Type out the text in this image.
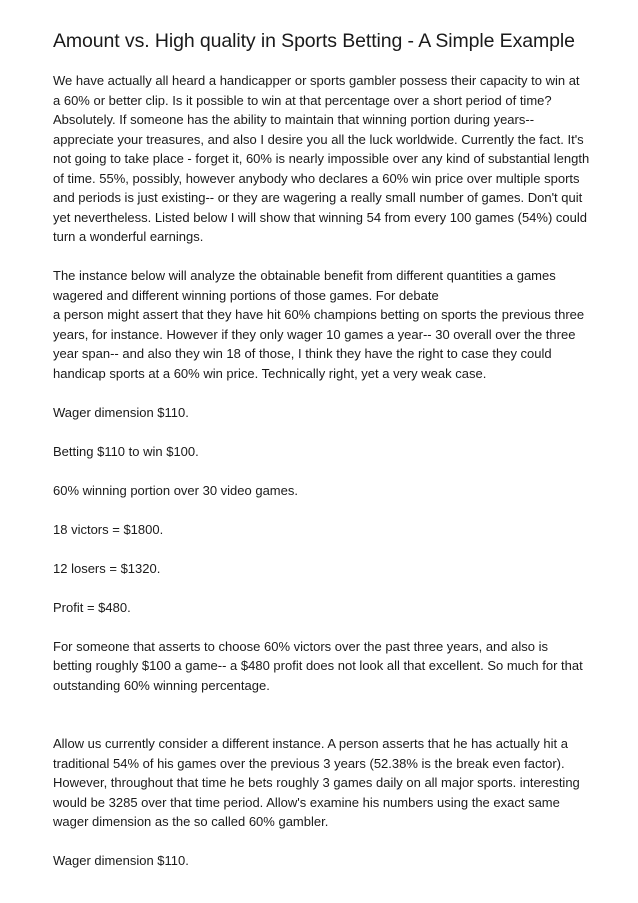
Amount vs. High quality in Sports Betting - A Simple Example

We have actually all heard a handicapper or sports gambler possess their capacity to win at
a 60% or better clip. Is it possible to win at that percentage over a short period of time?
Absolutely. If someone has the ability to maintain that winning portion during years--
appreciate your treasures, and also I desire you all the luck worldwide. Currently the fact. It's
not going to take place - forget it, 60% is nearly impossible over any kind of substantial length
of time. 55%, possibly, however anybody who declares a 60% win price over multiple sports
and periods is just existing-- or they are wagering a really small number of games. Don't quit
yet nevertheless. Listed below I will show that winning 54 from every 100 games (54%) could
turn a wonderful earnings.

The instance below will analyze the obtainable benefit from different quantities a games
wagered and different winning portions of those games. For debate
a person might assert that they have hit 60% champions betting on sports the previous three
years, for instance. However if they only wager 10 games a year-- 30 overall over the three
year span-- and also they win 18 of those, I think they have the right to case they could
handicap sports at a 60% win price. Technically right, yet a very weak case.

Wager dimension $110.

Betting $110 to win $100.

60% winning portion over 30 video games.

18 victors = $1800.

12 losers = $1320.

Profit = $480.

For someone that asserts to choose 60% victors over the past three years, and also is
betting roughly $100 a game-- a $480 profit does not look all that excellent. So much for that
outstanding 60% winning percentage.

Allow us currently consider a different instance. A person asserts that he has actually hit a
traditional 54% of his games over the previous 3 years (52.38% is the break even factor).
However, throughout that time he bets roughly 3 games daily on all major sports. interesting
would be 3285 over that time period. Allow's examine his numbers using the exact same
wager dimension as the so called 60% gambler.

Wager dimension $110.
